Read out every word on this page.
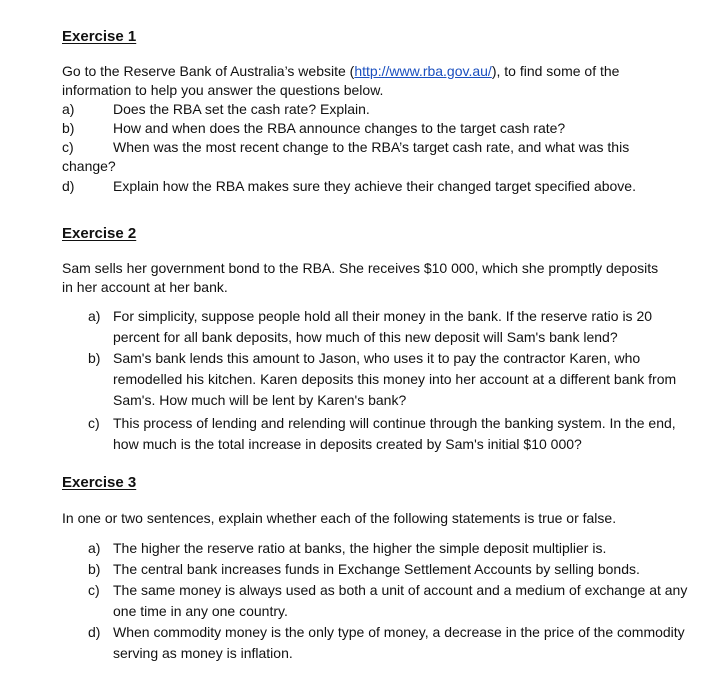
Exercise 1
Go to the Reserve Bank of Australia’s website (http://www.rba.gov.au/), to find some of the
information to help you answer the questions below.
a)	Does the RBA set the cash rate? Explain.
b)	How and when does the RBA announce changes to the target cash rate?
c)	When was the most recent change to the RBA’s target cash rate, and what was this
change?
d)	Explain how the RBA makes sure they achieve their changed target specified above.
Exercise 2

Sam sells her government bond to the RBA. She receives $10 000, which she promptly deposits in her account at her bank.

a) For simplicity, suppose people hold all their money in the bank. If the reserve ratio is 20 percent for all bank deposits, how much of this new deposit will Sam's bank lend?
b) Sam's bank lends this amount to Jason, who uses it to pay the contractor Karen, who remodelled his kitchen. Karen deposits this money into her account at a different bank from Sam's. How much will be lent by Karen's bank?
c) This process of lending and relending will continue through the banking system. In the end, how much is the total increase in deposits created by Sam's initial $10 000?
Exercise 3

In one or two sentences, explain whether each of the following statements is true or false.

a) The higher the reserve ratio at banks, the higher the simple deposit multiplier is.
b) The central bank increases funds in Exchange Settlement Accounts by selling bonds.
c) The same money is always used as both a unit of account and a medium of exchange at any one time in any one country.
d) When commodity money is the only type of money, a decrease in the price of the commodity serving as money is inflation.
